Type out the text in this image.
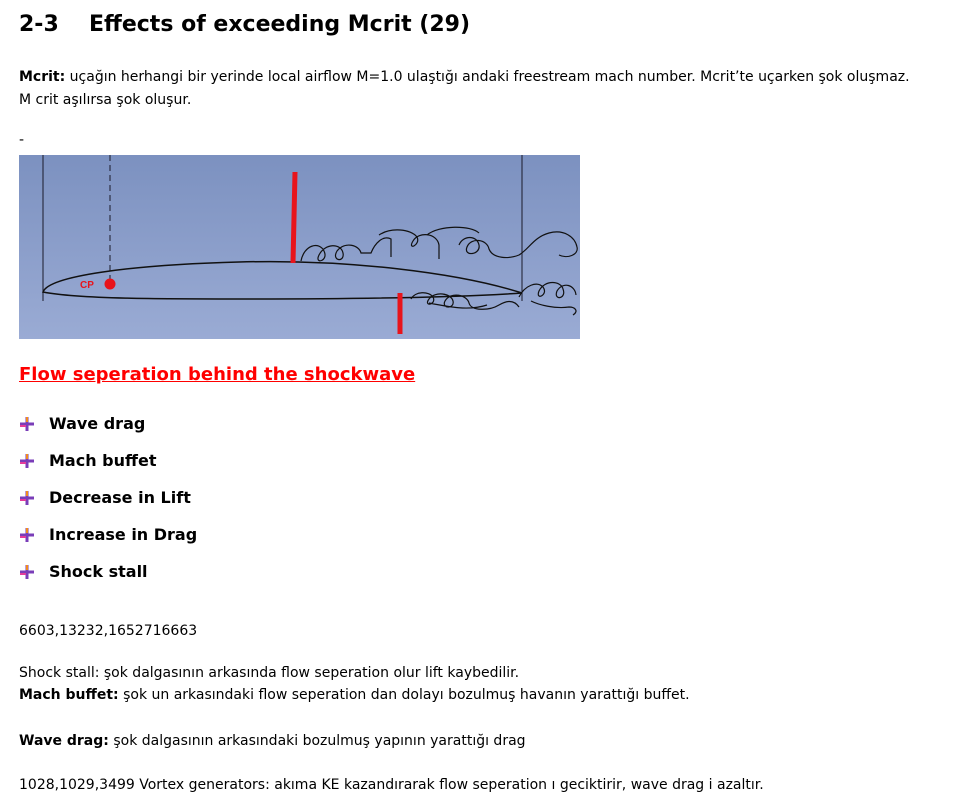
2-3 Effects of exceeding Mcrit (29)
Mcrit: uçağın herhangi bir yerinde local airflow M=1.0 ulaştığı andaki freestream mach number. Mcrit’te uçarken şok oluşmaz.
M crit aşılırsa şok oluşur.
-
CP
Flow seperation behind the shockwave
Wave drag
Mach buffet
Decrease in Lift
Increase in Drag
Shock stall
6603,13232,1652716663
Shock stall: şok dalgasının arkasında flow seperation olur lift kaybedilir.
Mach buffet: şok un arkasındaki flow seperation dan dolayı bozulmuş havanın yarattığı buffet.
Wave drag: şok dalgasının arkasındaki bozulmuş yapının yarattığı drag
1028,1029,3499 Vortex generators: akıma KE kazandırarak flow seperation ı geciktirir, wave drag i azaltır.
